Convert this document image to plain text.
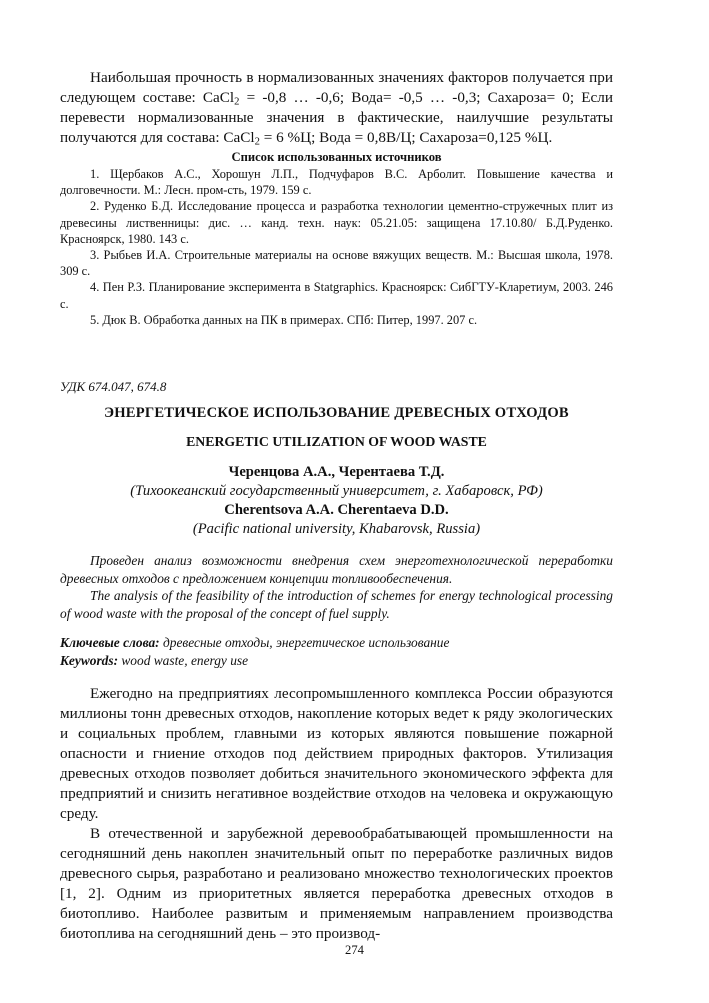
Наибольшая прочность в нормализованных значениях факторов получается при следующем составе: CaCl$_2$ = -0,8 … -0,6; Вода= -0,5 … -0,3; Сахароза= 0; Если перевести нормализованные значения в фактические, наилучшие результаты получаются для состава: CaCl$_2$ = 6 %Ц; Вода = 0,8В/Ц; Сахароза=0,125 %Ц.

Список использованных источников

1. Щербаков А.С., Хорошун Л.П., Подчуфаров В.С. Арболит. Повышение качества и долговечности. М.: Лесн. пром-сть, 1979. 159 с.

2. Руденко Б.Д. Исследование процесса и разработка технологии цементно-стружечных плит из древесины лиственницы: дис. … канд. техн. наук: 05.21.05: защищена 17.10.80/ Б.Д.Руденко. Красноярск, 1980. 143 с.

3. Рыбьев И.А. Строительные материалы на основе вяжущих веществ. М.: Высшая школа, 1978. 309 с.

4. Пен Р.З. Планирование эксперимента в Statgraphics. Красноярск: СибГТУ-Кларетиум, 2003. 246 с.

5. Дюк В. Обработка данных на ПК в примерах. СПб: Питер, 1997. 207 с.

УДК 674.047, 674.8
ЭНЕРГЕТИЧЕСКОЕ ИСПОЛЬЗОВАНИЕ ДРЕВЕСНЫХ ОТХОДОВ
ENERGETIC UTILIZATION OF WOOD WASTE
Черенцова А.А., Черентаева Т.Д.
(Тихоокеанский государственный университет, г. Хабаровск, РФ)
Cherentsova A.A. Cherentaeva D.D.
(Pacific national university, Khabarovsk, Russia)

Проведен анализ возможности внедрения схем энерготехнологической переработки древесных отходов с предложением концепции топливообеспечения.

The analysis of the feasibility of the introduction of schemes for energy technological processing of wood waste with the proposal of the concept of fuel supply.

Ключевые слова: древесные отходы, энергетическое использование

Keywords: wood waste, energy use

Ежегодно на предприятиях лесопромышленного комплекса России образуются миллионы тонн древесных отходов, накопление которых ведет к ряду экологических и социальных проблем, главными из которых являются повышение пожарной опасности и гниение отходов под действием природных факторов. Утилизация древесных отходов позволяет добиться значительного экономического эффекта для предприятий и снизить негативное воздействие отходов на человека и окружающую среду.

В отечественной и зарубежной деревообрабатывающей промышленности на сегодняшний день накоплен значительный опыт по переработке различных видов древесного сырья, разработано и реализовано множество технологических проектов [1, 2]. Одним из приоритетных является переработка древесных отходов в биотопливо. Наиболее развитым и применяемым направлением производства биотоплива на сегодняшний день – это производ-

274
